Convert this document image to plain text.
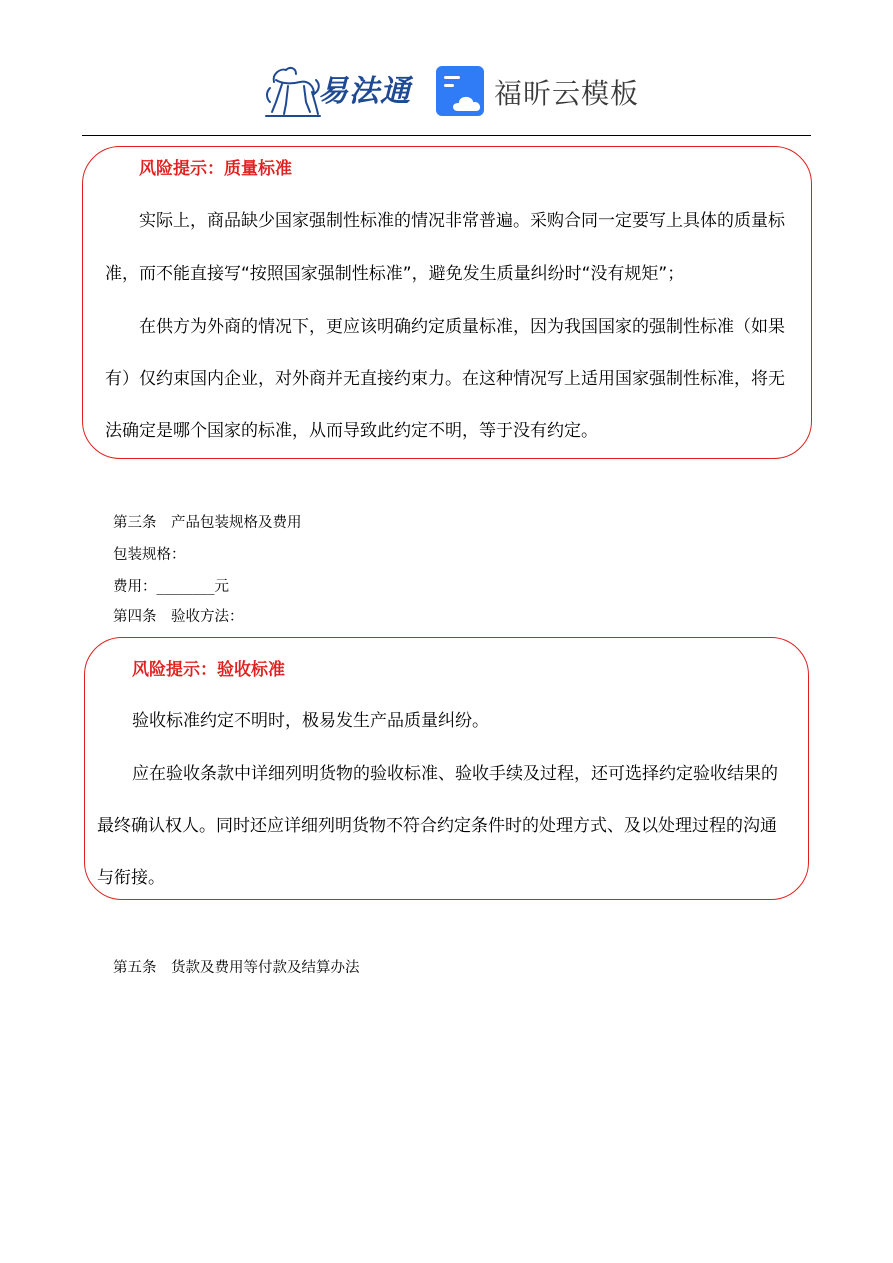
易法通	福昕云模板
风险提示：质量标准
实际上，商品缺少国家强制性标准的情况非常普遍。采购合同一定要写上具体的质量标
准，而不能直接写“按照国家强制性标准”，避免发生质量纠纷时“没有规矩”；
在供方为外商的情况下，更应该明确约定质量标准，因为我国国家的强制性标准（如果
有）仅约束国内企业，对外商并无直接约束力。在这种情况写上适用国家强制性标准，将无
法确定是哪个国家的标准，从而导致此约定不明，等于没有约定。
第三条　产品包装规格及费用
包装规格：
费用：________元
第四条　验收方法：
风险提示：验收标准
验收标准约定不明时，极易发生产品质量纠纷。
应在验收条款中详细列明货物的验收标准、验收手续及过程，还可选择约定验收结果的
最终确认权人。同时还应详细列明货物不符合约定条件时的处理方式、及以处理过程的沟通
与衔接。
第五条　货款及费用等付款及结算办法
